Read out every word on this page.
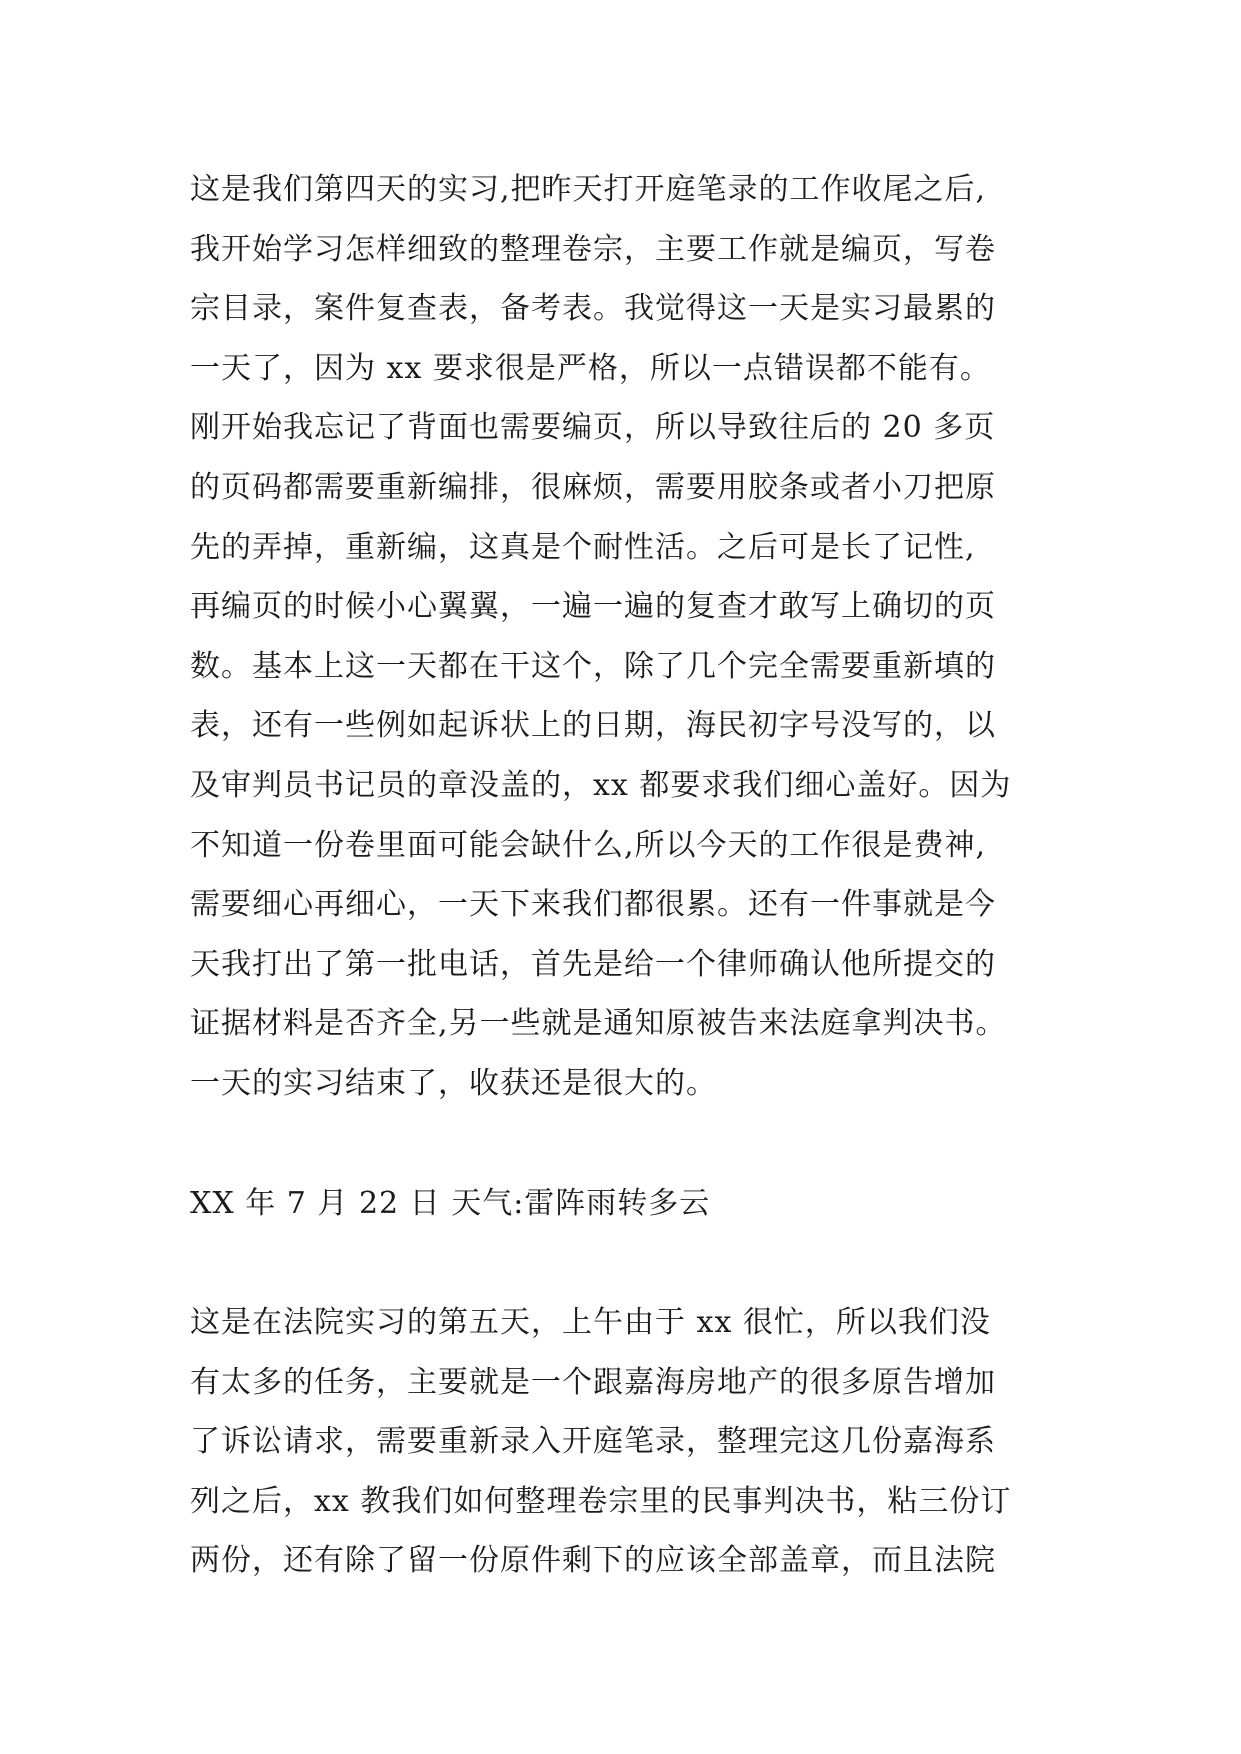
这是我们第四天的实习,把昨天打开庭笔录的工作收尾之后,
我开始学习怎样细致的整理卷宗，主要工作就是编页，写卷
宗目录，案件复查表，备考表。我觉得这一天是实习最累的
一天了，因为 xx 要求很是严格，所以一点错误都不能有。
刚开始我忘记了背面也需要编页，所以导致往后的 20 多页
的页码都需要重新编排，很麻烦，需要用胶条或者小刀把原
先的弄掉，重新编，这真是个耐性活。之后可是长了记性,
再编页的时候小心翼翼，一遍一遍的复查才敢写上确切的页
数。基本上这一天都在干这个，除了几个完全需要重新填的
表，还有一些例如起诉状上的日期，海民初字号没写的，以
及审判员书记员的章没盖的，xx 都要求我们细心盖好。因为
不知道一份卷里面可能会缺什么,所以今天的工作很是费神,
需要细心再细心，一天下来我们都很累。还有一件事就是今
天我打出了第一批电话，首先是给一个律师确认他所提交的
证据材料是否齐全,另一些就是通知原被告来法庭拿判决书。
一天的实习结束了，收获还是很大的。
XX 年 7 月 22 日 天气:雷阵雨转多云
这是在法院实习的第五天，上午由于 xx 很忙，所以我们没
有太多的任务，主要就是一个跟嘉海房地产的很多原告增加
了诉讼请求，需要重新录入开庭笔录，整理完这几份嘉海系
列之后，xx 教我们如何整理卷宗里的民事判决书，粘三份订
两份，还有除了留一份原件剩下的应该全部盖章，而且法院
